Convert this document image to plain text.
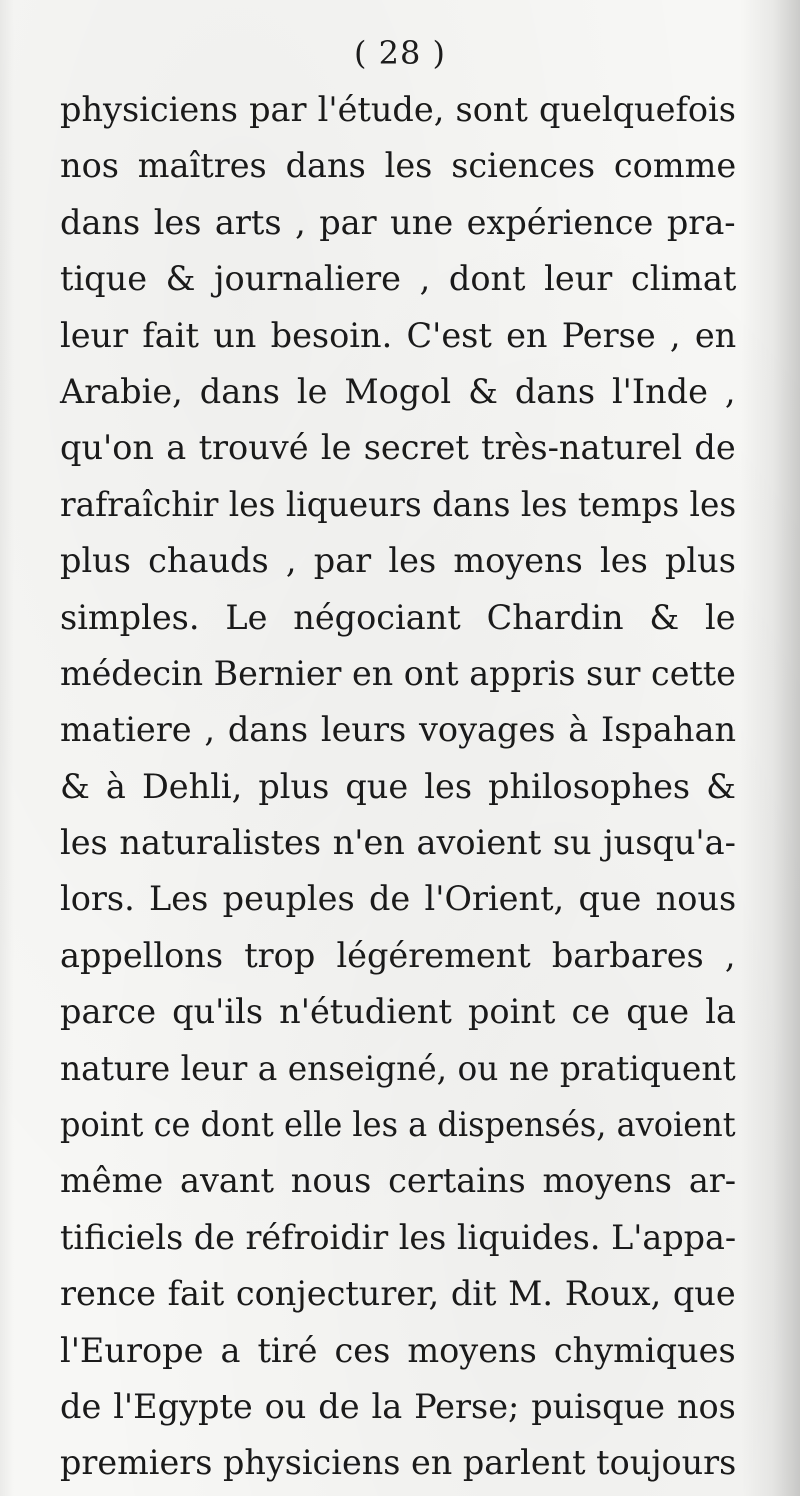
( 28 )
physiciens par l'étude, sont quelquefois
nos maîtres dans les sciences comme
dans les arts , par une expérience pra-
tique & journaliere , dont leur climat
leur fait un besoin. C'est en Perse , en
Arabie, dans le Mogol & dans l'Inde ,
qu'on a trouvé le secret très-naturel de
rafraîchir les liqueurs dans les temps les
plus chauds , par les moyens les plus
simples. Le négociant Chardin & le
médecin Bernier en ont appris sur cette
matiere , dans leurs voyages à Ispahan
& à Dehli, plus que les philosophes &
les naturalistes n'en avoient su jusqu'a-
lors. Les peuples de l'Orient, que nous
appellons trop légérement barbares ,
parce qu'ils n'étudient point ce que la
nature leur a enseigné, ou ne pratiquent
point ce dont elle les a dispensés, avoient
même avant nous certains moyens ar-
tificiels de réfroidir les liquides. L'appa-
rence fait conjecturer, dit M. Roux, que
l'Europe a tiré ces moyens chymiques
de l'Egypte ou de la Perse; puisque nos
premiers physiciens en parlent toujours
